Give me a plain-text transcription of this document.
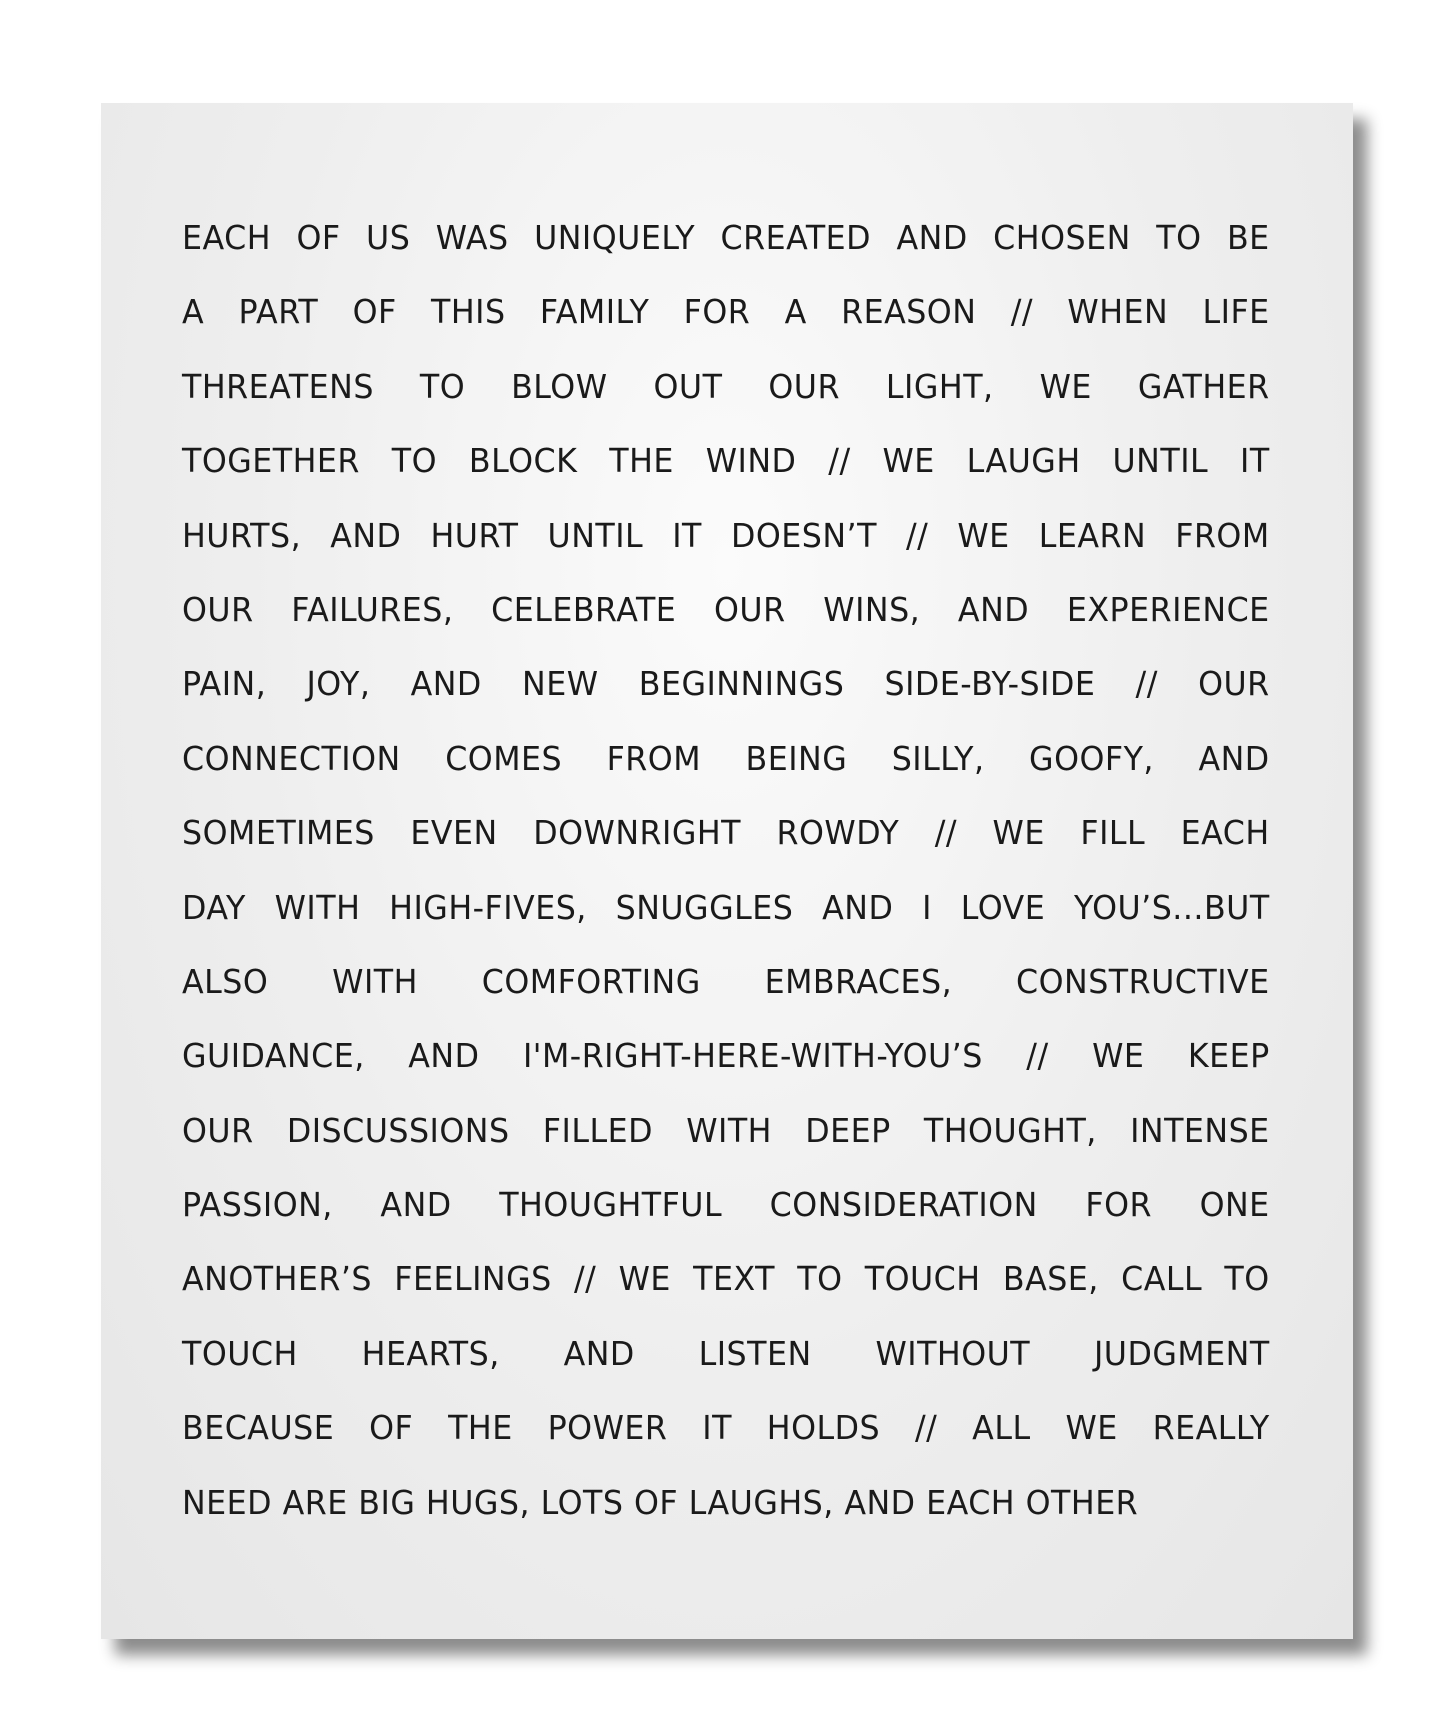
EACH OF US WAS UNIQUELY CREATED AND CHOSEN TO BE
A PART OF THIS FAMILY FOR A REASON // WHEN LIFE
THREATENS TO BLOW OUT OUR LIGHT, WE GATHER
TOGETHER TO BLOCK THE WIND // WE LAUGH UNTIL IT
HURTS, AND HURT UNTIL IT DOESN’T // WE LEARN FROM
OUR FAILURES, CELEBRATE OUR WINS, AND EXPERIENCE
PAIN, JOY, AND NEW BEGINNINGS SIDE-BY-SIDE // OUR
CONNECTION COMES FROM BEING SILLY, GOOFY, AND
SOMETIMES EVEN DOWNRIGHT ROWDY // WE FILL EACH
DAY WITH HIGH-FIVES, SNUGGLES AND I LOVE YOU’S...BUT
ALSO WITH COMFORTING EMBRACES, CONSTRUCTIVE
GUIDANCE, AND I'M-RIGHT-HERE-WITH-YOU’S // WE KEEP
OUR DISCUSSIONS FILLED WITH DEEP THOUGHT, INTENSE
PASSION, AND THOUGHTFUL CONSIDERATION FOR ONE
ANOTHER’S FEELINGS // WE TEXT TO TOUCH BASE, CALL TO
TOUCH HEARTS, AND LISTEN WITHOUT JUDGMENT
BECAUSE OF THE POWER IT HOLDS // ALL WE REALLY
NEED ARE BIG HUGS, LOTS OF LAUGHS, AND EACH OTHER
